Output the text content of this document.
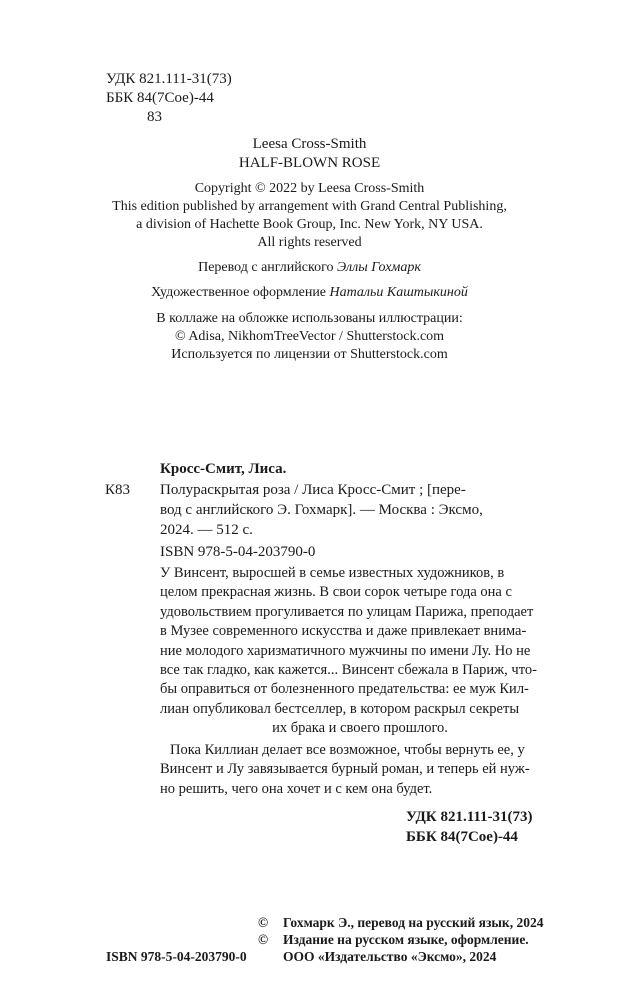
УДК 821.111-31(73)
ББК 84(7Сое)-44
83
Leesa Cross-Smith
HALF-BLOWN ROSE
Copyright © 2022 by Leesa Cross-Smith
This edition published by arrangement with Grand Central Publishing,
a division of Hachette Book Group, Inc. New York, NY USA.
All rights reserved
Перевод с английского Эллы Гохмарк
Художественное оформление Натальи Каштыкиной
В коллаже на обложке использованы иллюстрации:
© Adisa, NikhomTreeVector / Shutterstock.com
Используется по лицензии от Shutterstock.com
Кросс-Смит, Лиса.
К83 Полураскрытая роза / Лиса Кросс-Смит ; [пере-
вод с английского Э. Гохмарк]. — Москва : Эксмо,
2024. — 512 с.
ISBN 978-5-04-203790-0
У Винсент, выросшей в семье известных художников, в
целом прекрасная жизнь. В свои сорок четыре года она с
удовольствием прогуливается по улицам Парижа, преподает
в Музее современного искусства и даже привлекает внима-
ние молодого харизматичного мужчины по имени Лу. Но не
все так гладко, как кажется... Винсент сбежала в Париж, что-
бы оправиться от болезненного предательства: ее муж Кил-
лиан опубликовал бестселлер, в котором раскрыл секреты
их брака и своего прошлого.
Пока Киллиан делает все возможное, чтобы вернуть ее, у
Винсент и Лу завязывается бурный роман, и теперь ей нуж-
но решить, чего она хочет и с кем она будет.
УДК 821.111-31(73)
ББК 84(7Сое)-44
© Гохмарк Э., перевод на русский язык, 2024
© Издание на русском языке, оформление.
ISBN 978-5-04-203790-0	ООО «Издательство «Эксмо», 2024
